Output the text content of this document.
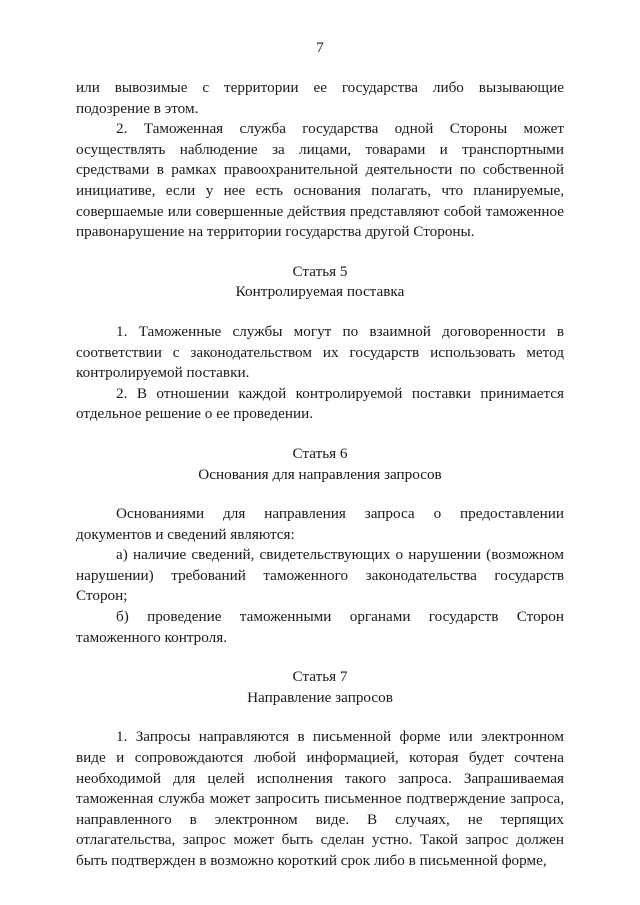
7

или вывозимые с территории ее государства либо вызывающие подозрение в этом.

2. Таможенная служба государства одной Стороны может осуществлять наблюдение за лицами, товарами и транспортными средствами в рамках правоохранительной деятельности по собственной инициативе, если у нее есть основания полагать, что планируемые, совершаемые или совершенные действия представляют собой таможенное правонарушение на территории государства другой Стороны.

Статья 5
Контролируемая поставка

1. Таможенные службы могут по взаимной договоренности в соответствии с законодательством их государств использовать метод контролируемой поставки.

2. В отношении каждой контролируемой поставки принимается отдельное решение о ее проведении.

Статья 6
Основания для направления запросов

Основаниями для направления запроса о предоставлении документов и сведений являются:

а) наличие сведений, свидетельствующих о нарушении (возможном нарушении) требований таможенного законодательства государств Сторон;

б) проведение таможенными органами государств Сторон таможенного контроля.

Статья 7
Направление запросов

1. Запросы направляются в письменной форме или электронном виде и сопровождаются любой информацией, которая будет сочтена необходимой для целей исполнения такого запроса. Запрашиваемая таможенная служба может запросить письменное подтверждение запроса, направленного в электронном виде. В случаях, не терпящих отлагательства, запрос может быть сделан устно. Такой запрос должен быть подтвержден в возможно короткий срок либо в письменной форме,
